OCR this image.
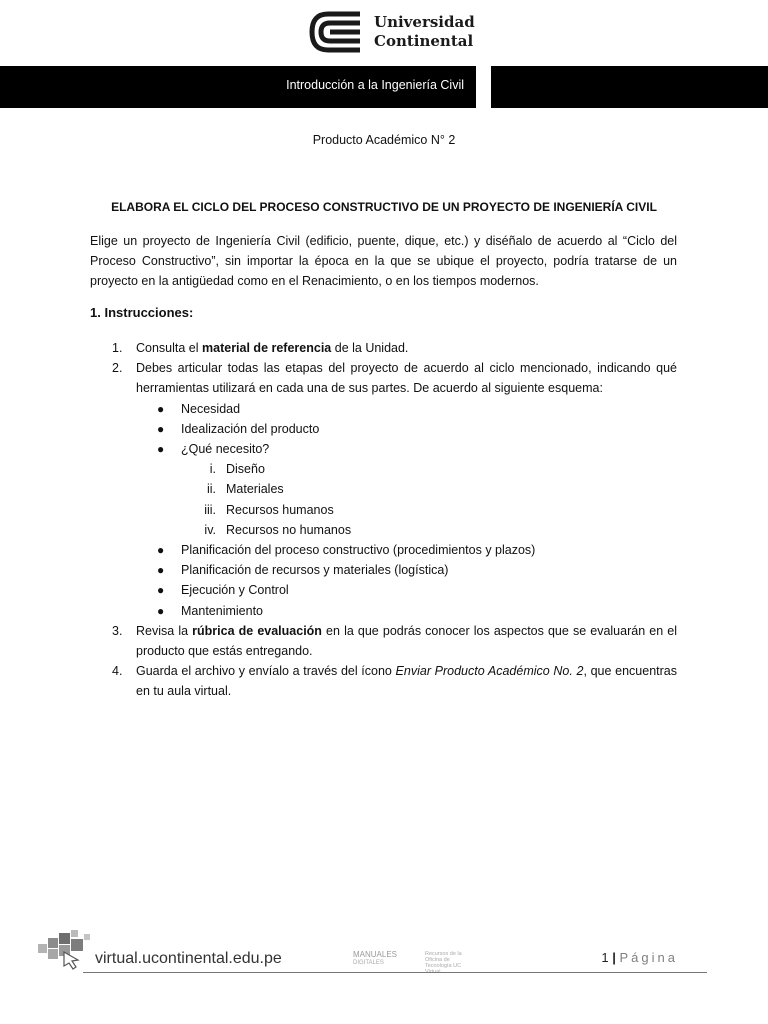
Universidad
Continental
Introducción a la Ingeniería Civil
Producto Académico N° 2
ELABORA EL CICLO DEL PROCESO CONSTRUCTIVO DE UN PROYECTO DE INGENIERÍA CIVIL
Elige un proyecto de Ingeniería Civil (edificio, puente, dique, etc.) y diséñalo de acuerdo al “Ciclo del Proceso Constructivo”, sin importar la época en la que se ubique el proyecto, podría tratarse de un proyecto en la antigüedad como en el Renacimiento, o en los tiempos modernos.
1. Instrucciones:
1. Consulta el material de referencia de la Unidad.
2. Debes articular todas las etapas del proyecto de acuerdo al ciclo mencionado, indicando qué herramientas utilizará en cada una de sus partes. De acuerdo al siguiente esquema:
● Necesidad
● Idealización del producto
● ¿Qué necesito?
i. Diseño
ii. Materiales
iii. Recursos humanos
iv. Recursos no humanos
● Planificación del proceso constructivo (procedimientos y plazos)
● Planificación de recursos y materiales (logística)
● Ejecución y Control
● Mantenimiento
3. Revisa la rúbrica de evaluación en la que podrás conocer los aspectos que se evaluarán en el producto que estás entregando.
4. Guarda el archivo y envíalo a través del ícono Enviar Producto Académico No. 2, que encuentras en tu aula virtual.
virtual.ucontinental.edu.pe	MANUALES
DIGITALES
Recursos de la Oficina de Tecnología UC
1 | Página
